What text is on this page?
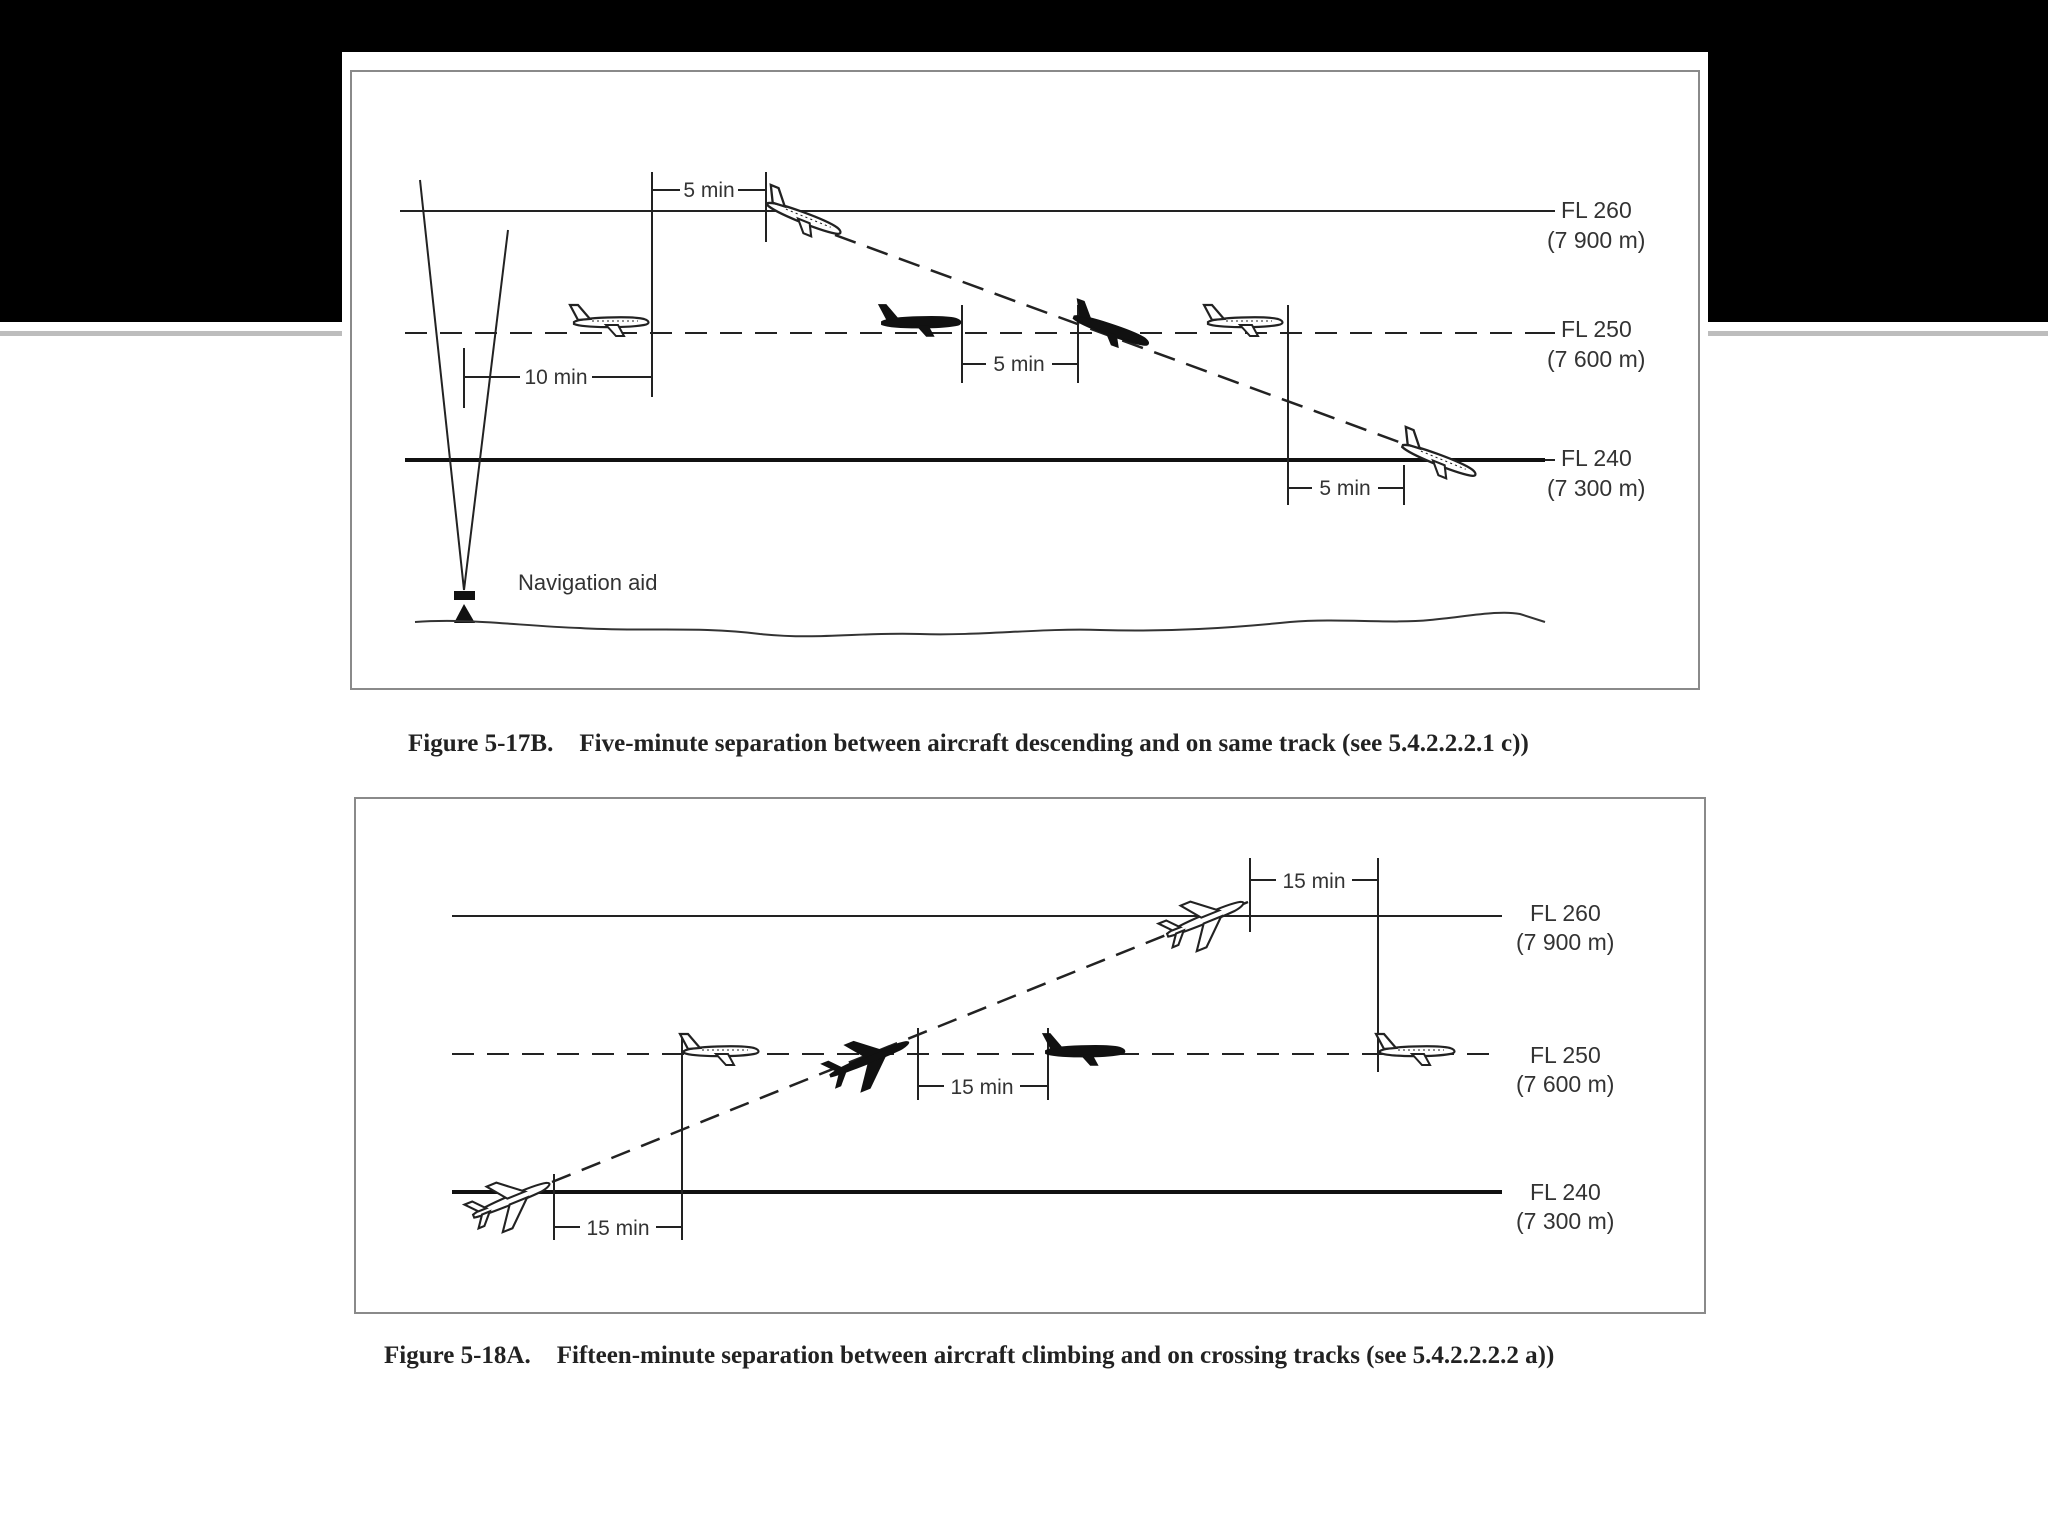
5 min
10 min
5 min
5 min
FL 260
(7 900 m)
FL 250
(7 600 m)
FL 240
(7 300 m)
Navigation aid
15 min
15 min
15 min
FL 260
(7 900 m)
FL 250
(7 600 m)
FL 240
(7 300 m)
Figure 5-17B. Five-minute separation between aircraft descending and on same track (see 5.4.2.2.2.1 c))
Figure 5-18A. Fifteen-minute separation between aircraft climbing and on crossing tracks (see 5.4.2.2.2.2 a))
